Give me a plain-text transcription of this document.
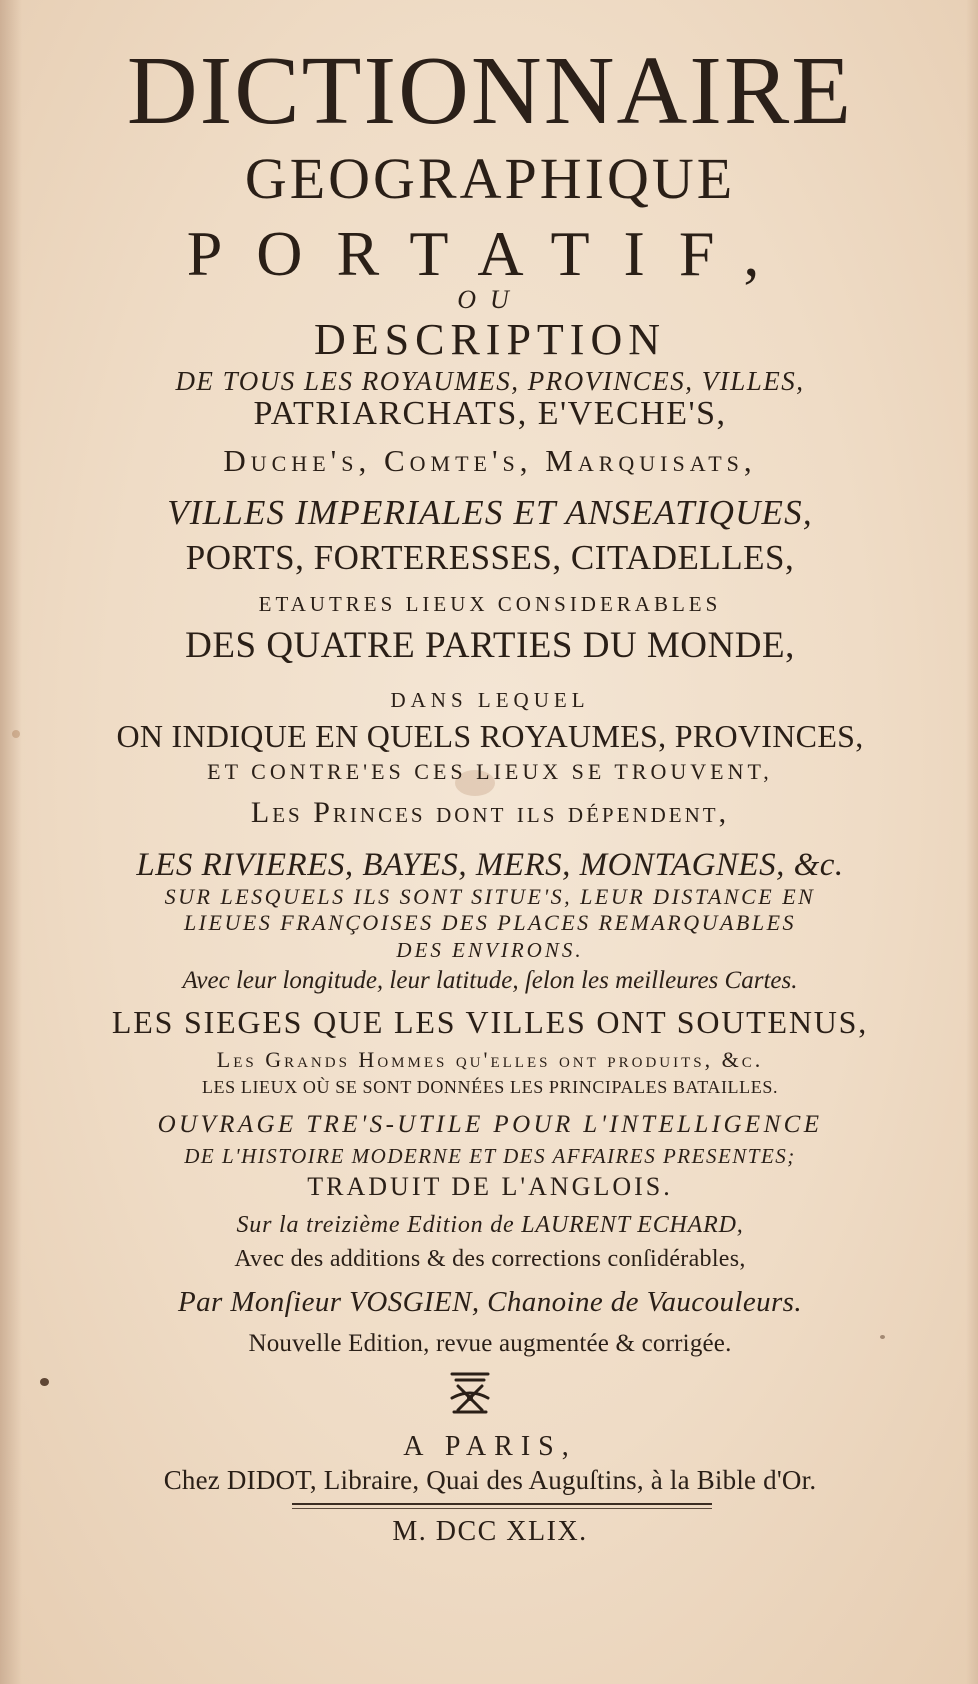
DICTIONNAIRE
GEOGRAPHIQUE
PORTATIF,
OU
DESCRIPTION
DE TOUS LES ROYAUMES, PROVINCES, VILLES,
PATRIARCHATS, E'VECHE'S,
Duche's, Comte's, Marquisats,
VILLES IMPERIALES ET ANSEATIQUES,
PORTS, FORTERESSES, CITADELLES,
ETAUTRES LIEUX CONSIDERABLES
DES QUATRE PARTIES DU MONDE,
DANS LEQUEL
ON INDIQUE EN QUELS ROYAUMES, PROVINCES,
ET CONTRE'ES CES LIEUX SE TROUVENT,
Les Princes dont ils dépendent,
LES RIVIERES, BAYES, MERS, MONTAGNES, &c.
SUR LESQUELS ILS SONT SITUE'S, LEUR DISTANCE EN
LIEUES FRANÇOISES DES PLACES REMARQUABLES
DES ENVIRONS.
Avec leur longitude, leur latitude, ſelon les meilleures Cartes.
LES SIEGES QUE LES VILLES ONT SOUTENUS,
Les Grands Hommes qu'elles ont produits, &c.
LES LIEUX OÙ SE SONT DONNÉES LES PRINCIPALES BATAILLES.
OUVRAGE TRE'S-UTILE POUR L'INTELLIGENCE
DE L'HISTOIRE MODERNE ET DES AFFAIRES PRESENTES;
TRADUIT DE L'ANGLOIS.
Sur la treizième Edition de LAURENT ECHARD,
Avec des additions & des corrections conſidérables,
Par Monſieur VOSGIEN, Chanoine de Vaucouleurs.
Nouvelle Edition, revue augmentée & corrigée.
A PARIS,
Chez DIDOT, Libraire, Quai des Auguſtins, à la Bible d'Or.
M. DCC XLIX.
